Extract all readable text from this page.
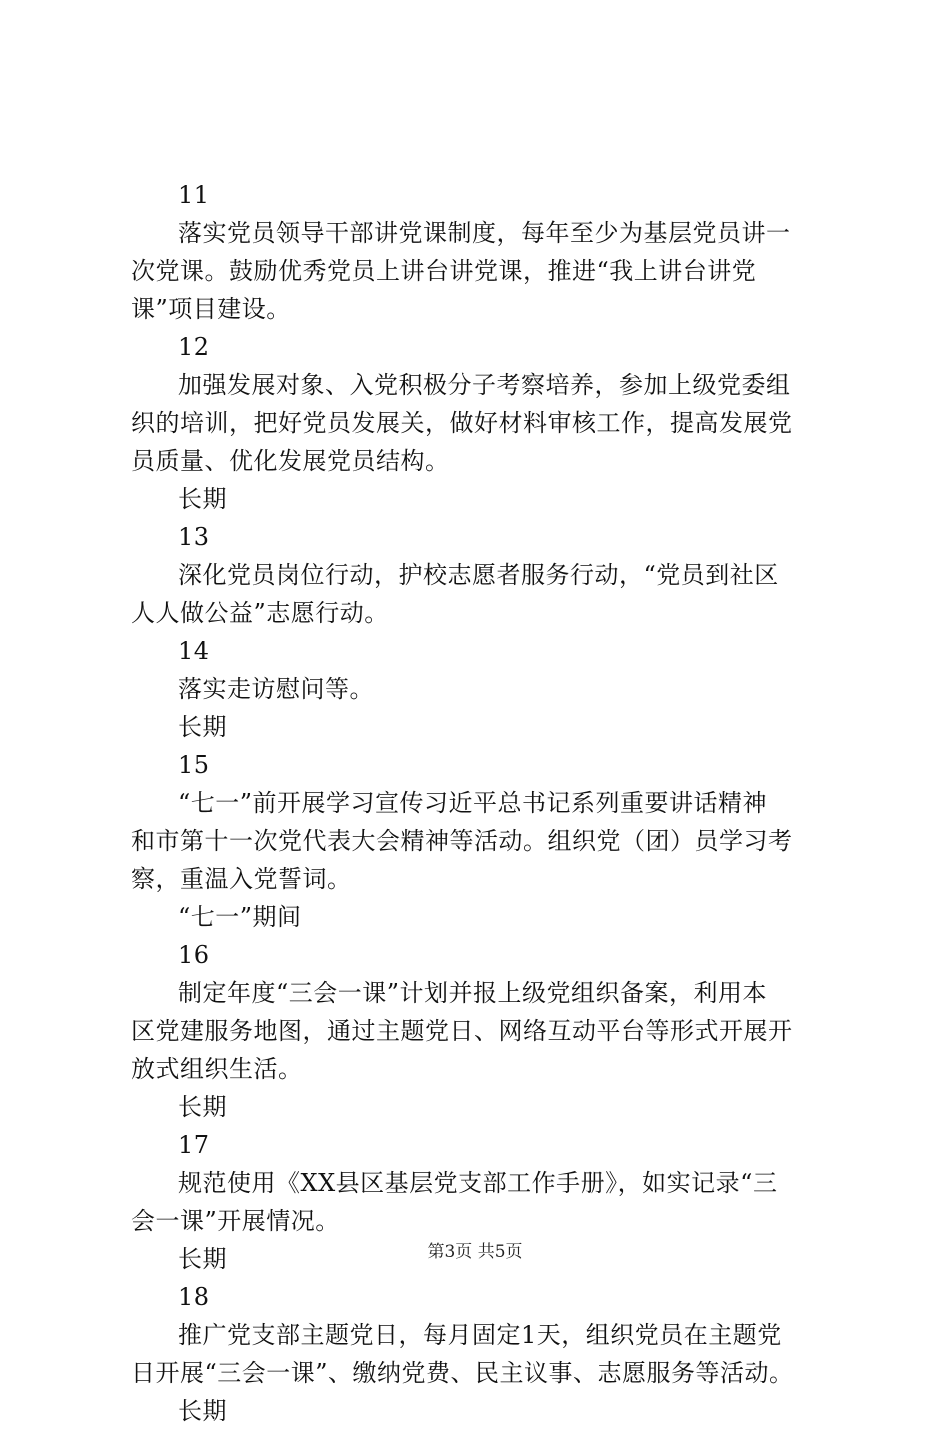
11
落实党员领导干部讲党课制度，每年至少为基层党员讲一
次党课。鼓励优秀党员上讲台讲党课，推进“我上讲台讲党
课”项目建设。
12
加强发展对象、入党积极分子考察培养，参加上级党委组
织的培训，把好党员发展关，做好材料审核工作，提高发展党
员质量、优化发展党员结构。
长期
13
深化党员岗位行动，护校志愿者服务行动，“党员到社区
人人做公益”志愿行动。
14
落实走访慰问等。
长期
15
“七一”前开展学习宣传习近平总书记系列重要讲话精神
和市第十一次党代表大会精神等活动。组织党（团）员学习考
察，重温入党誓词。
“七一”期间
16
制定年度“三会一课”计划并报上级党组织备案，利用本
区党建服务地图，通过主题党日、网络互动平台等形式开展开
放式组织生活。
长期
17
规范使用《XX县区基层党支部工作手册》，如实记录“三
会一课”开展情况。
长期
18
推广党支部主题党日，每月固定1天，组织党员在主题党
日开展“三会一课”、缴纳党费、民主议事、志愿服务等活动。
长期
第3页 共5页
